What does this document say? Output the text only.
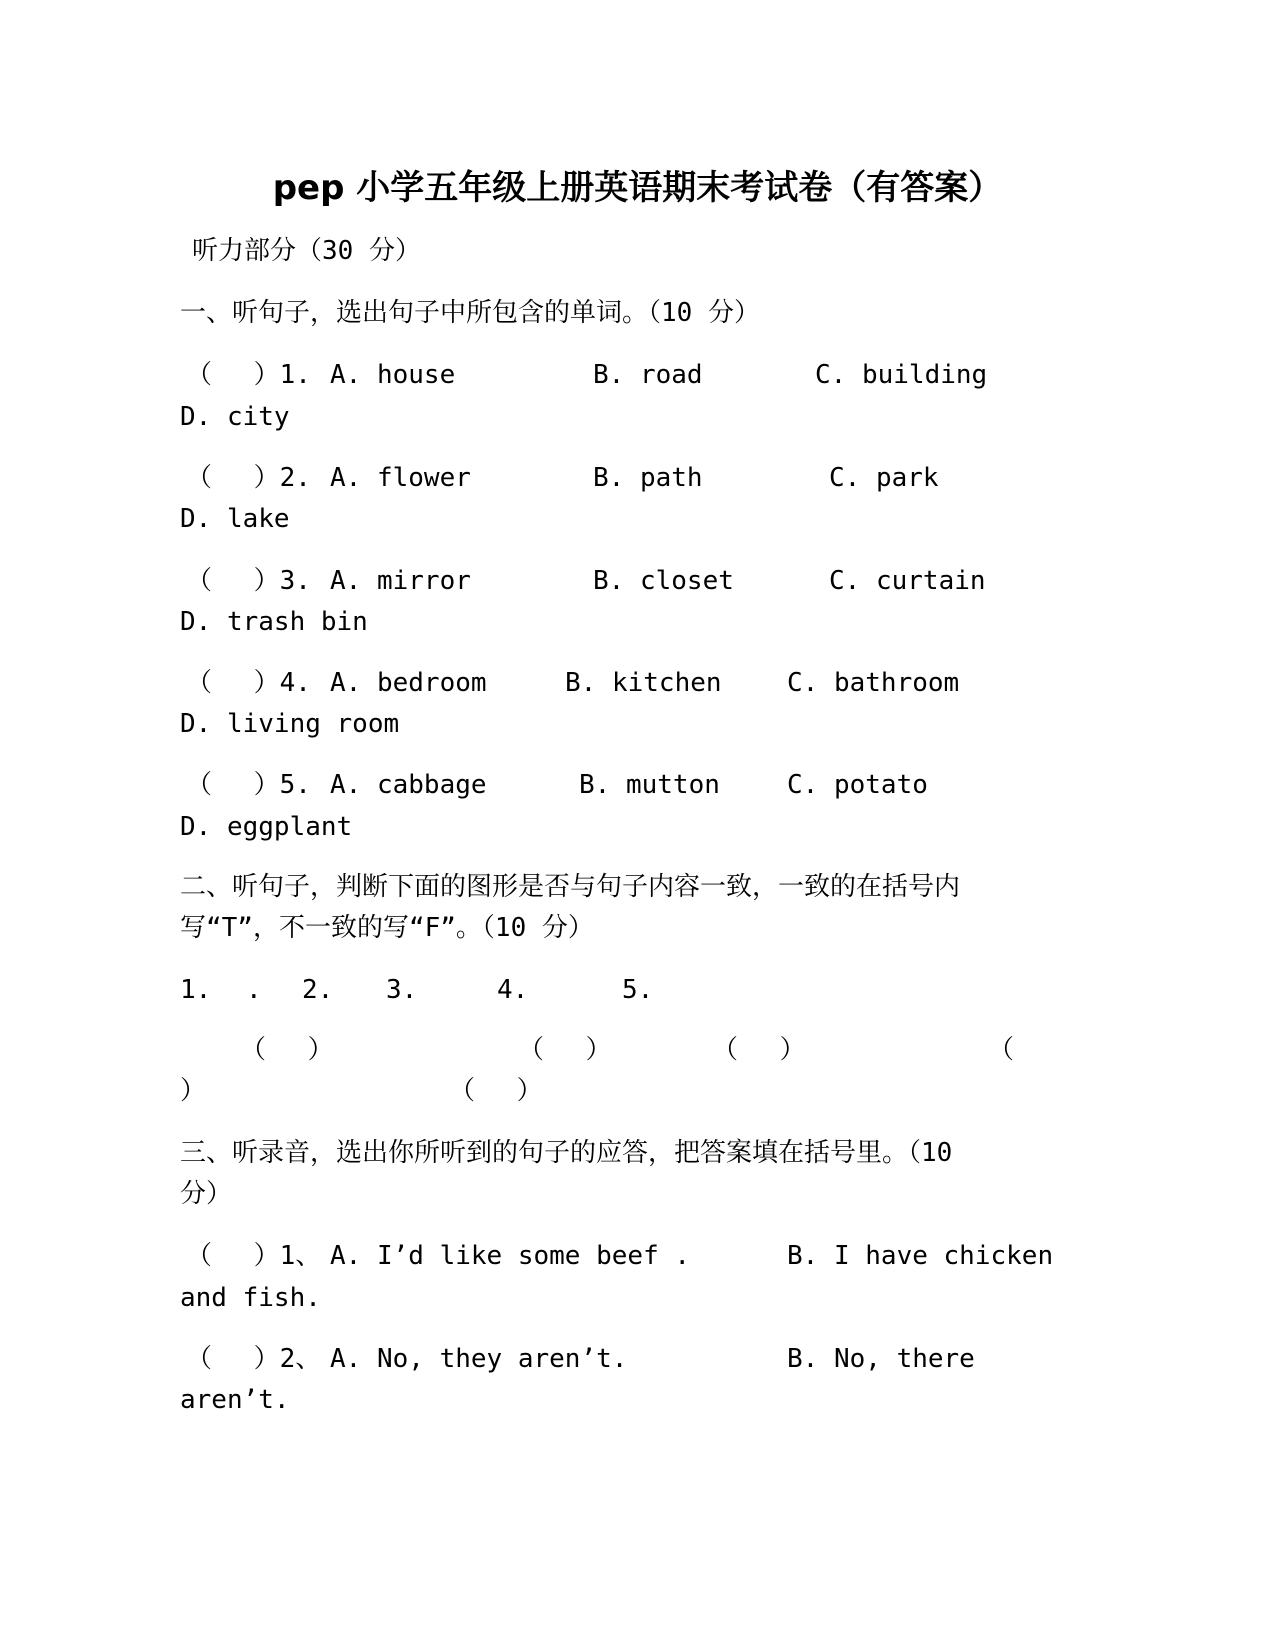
pep 小学五年级上册英语期末考试卷（有答案）
听力部分（30 分）
一、听句子，选出句子中所包含的单词。（10 分）
（　 ）1. A. house	B. road	C. building
D. city
（　 ）2. A. flower	B. path	C. park
D. lake
（　 ）3. A. mirror	B. closet	C. curtain
D. trash bin
（　 ）4. A. bedroom	B. kitchen	C. bathroom
D. living room
（　 ）5. A. cabbage	B. mutton	C. potato
D. eggplant
二、听句子，判断下面的图形是否与句子内容一致，一致的在括号内
写“T”，不一致的写“F”。（10 分）
1. . 2. 3.	4.	5.
（　 ）	（　 ）	（　 ）	（
）	（　 ）
三、听录音，选出你所听到的句子的应答，把答案填在括号里。（10
分）
（　 ）1、 A. I’d like some beef .	B. I have chicken
and fish.
（　 ）2、 A. No, they aren’t.	B. No, there
aren’t.
